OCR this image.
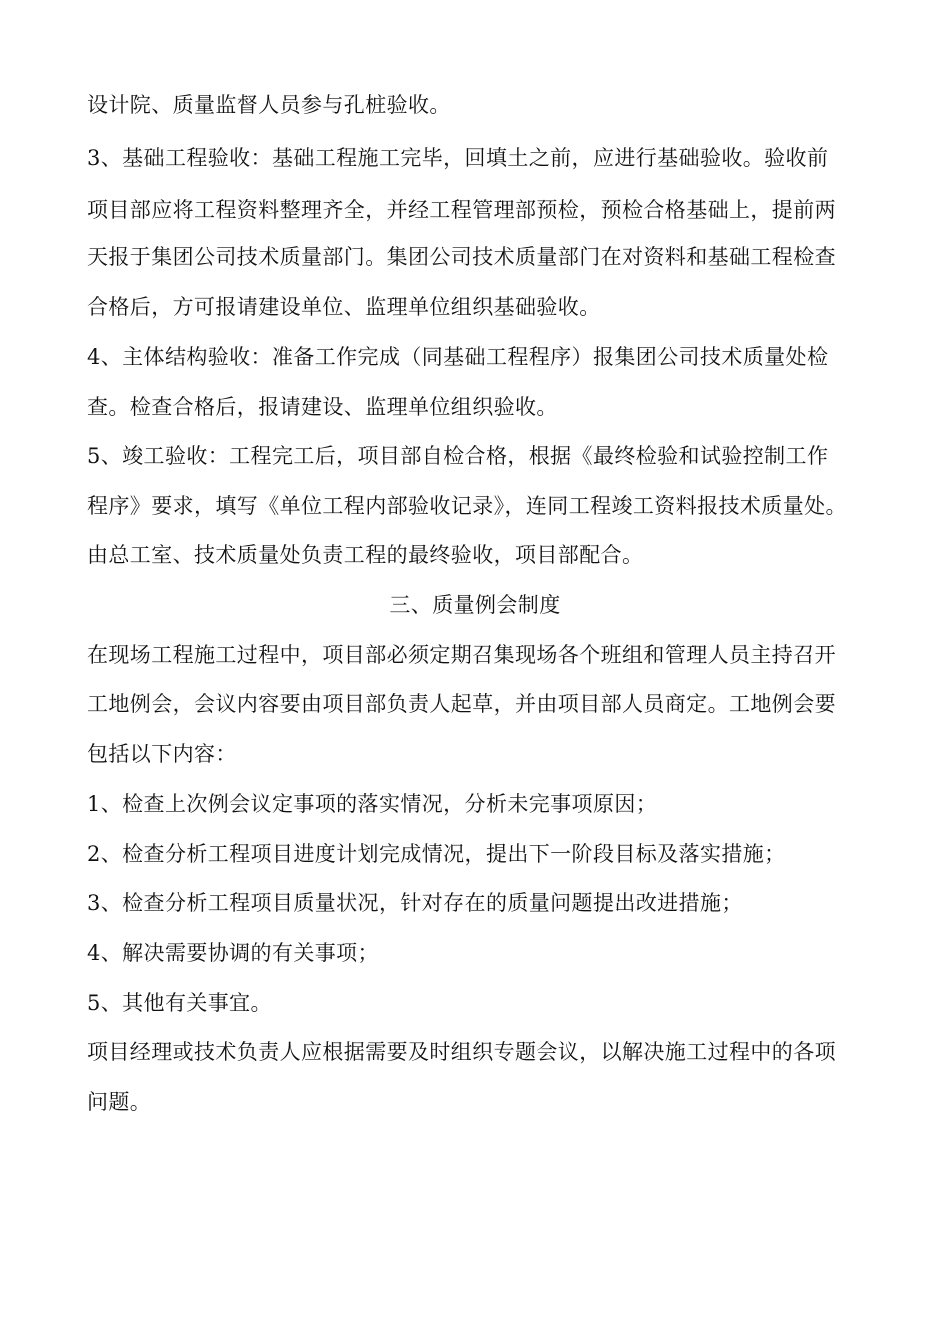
设计院、质量监督人员参与孔桩验收。
3、基础工程验收：基础工程施工完毕，回填土之前，应进行基础验收。验收前
项目部应将工程资料整理齐全，并经工程管理部预检，预检合格基础上，提前两
天报于集团公司技术质量部门。集团公司技术质量部门在对资料和基础工程检查
合格后，方可报请建设单位、监理单位组织基础验收。
4、主体结构验收：准备工作完成（同基础工程程序）报集团公司技术质量处检
查。检查合格后，报请建设、监理单位组织验收。
5、竣工验收：工程完工后，项目部自检合格，根据《最终检验和试验控制工作
程序》要求，填写《单位工程内部验收记录》，连同工程竣工资料报技术质量处。
由总工室、技术质量处负责工程的最终验收，项目部配合。
三、质量例会制度
在现场工程施工过程中，项目部必须定期召集现场各个班组和管理人员主持召开
工地例会，会议内容要由项目部负责人起草，并由项目部人员商定。工地例会要
包括以下内容：
1、检查上次例会议定事项的落实情况，分析未完事项原因；
2、检查分析工程项目进度计划完成情况，提出下一阶段目标及落实措施；
3、检查分析工程项目质量状况，针对存在的质量问题提出改进措施；
4、解决需要协调的有关事项；
5、其他有关事宜。
项目经理或技术负责人应根据需要及时组织专题会议，以解决施工过程中的各项
问题。
